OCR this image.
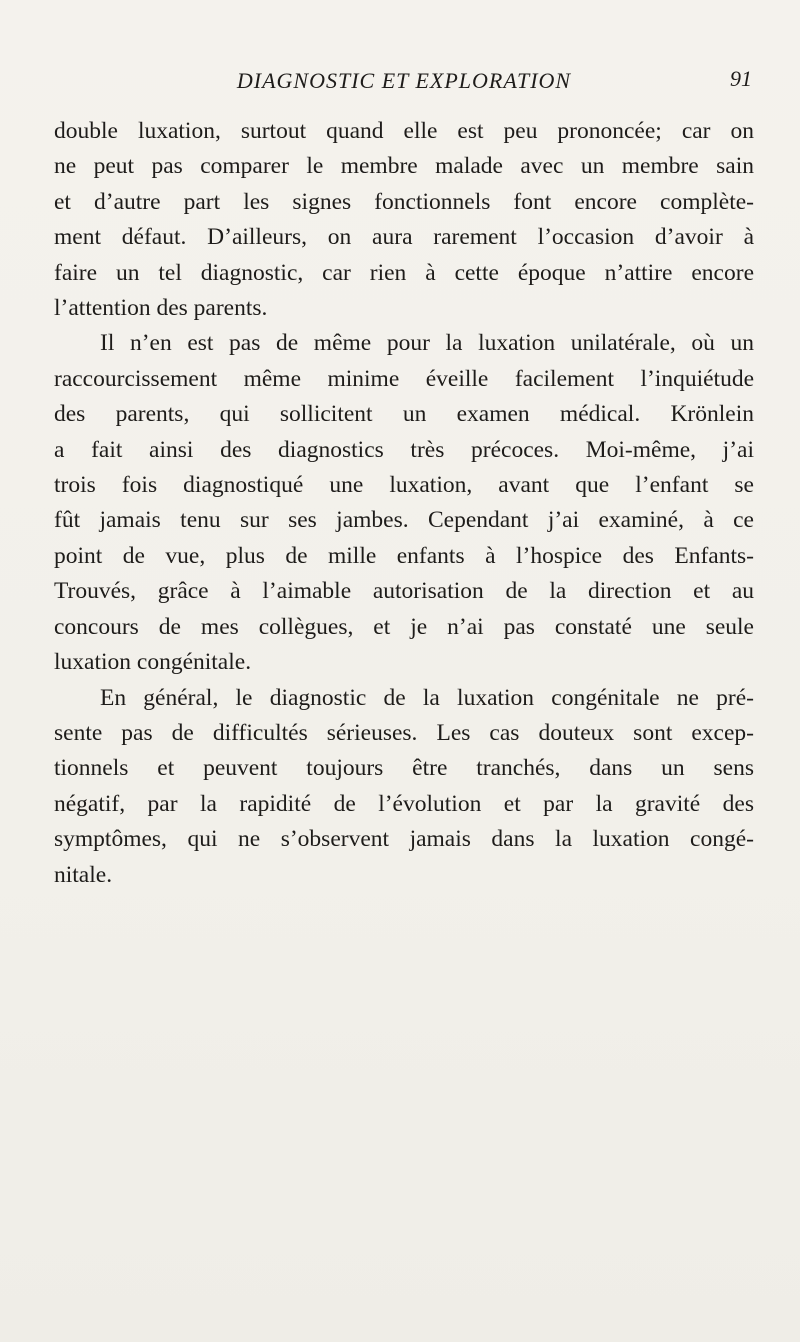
DIAGNOSTIC ET EXPLORATION	91
double luxation, surtout quand elle est peu prononcée; car on
ne peut pas comparer le membre malade avec un membre sain
et d’autre part les signes fonctionnels font encore complète-
ment défaut. D’ailleurs, on aura rarement l’occasion d’avoir à
faire un tel diagnostic, car rien à cette époque n’attire encore
l’attention des parents.
Il n’en est pas de même pour la luxation unilatérale, où un
raccourcissement même minime éveille facilement l’inquiétude
des parents, qui sollicitent un examen médical. Krönlein
a fait ainsi des diagnostics très précoces. Moi-même, j’ai
trois fois diagnostiqué une luxation, avant que l’enfant se
fût jamais tenu sur ses jambes. Cependant j’ai examiné, à ce
point de vue, plus de mille enfants à l’hospice des Enfants-
Trouvés, grâce à l’aimable autorisation de la direction et au
concours de mes collègues, et je n’ai pas constaté une seule
luxation congénitale.
En général, le diagnostic de la luxation congénitale ne pré-
sente pas de difficultés sérieuses. Les cas douteux sont excep-
tionnels et peuvent toujours être tranchés, dans un sens
négatif, par la rapidité de l’évolution et par la gravité des
symptômes, qui ne s’observent jamais dans la luxation congé-
nitale.
